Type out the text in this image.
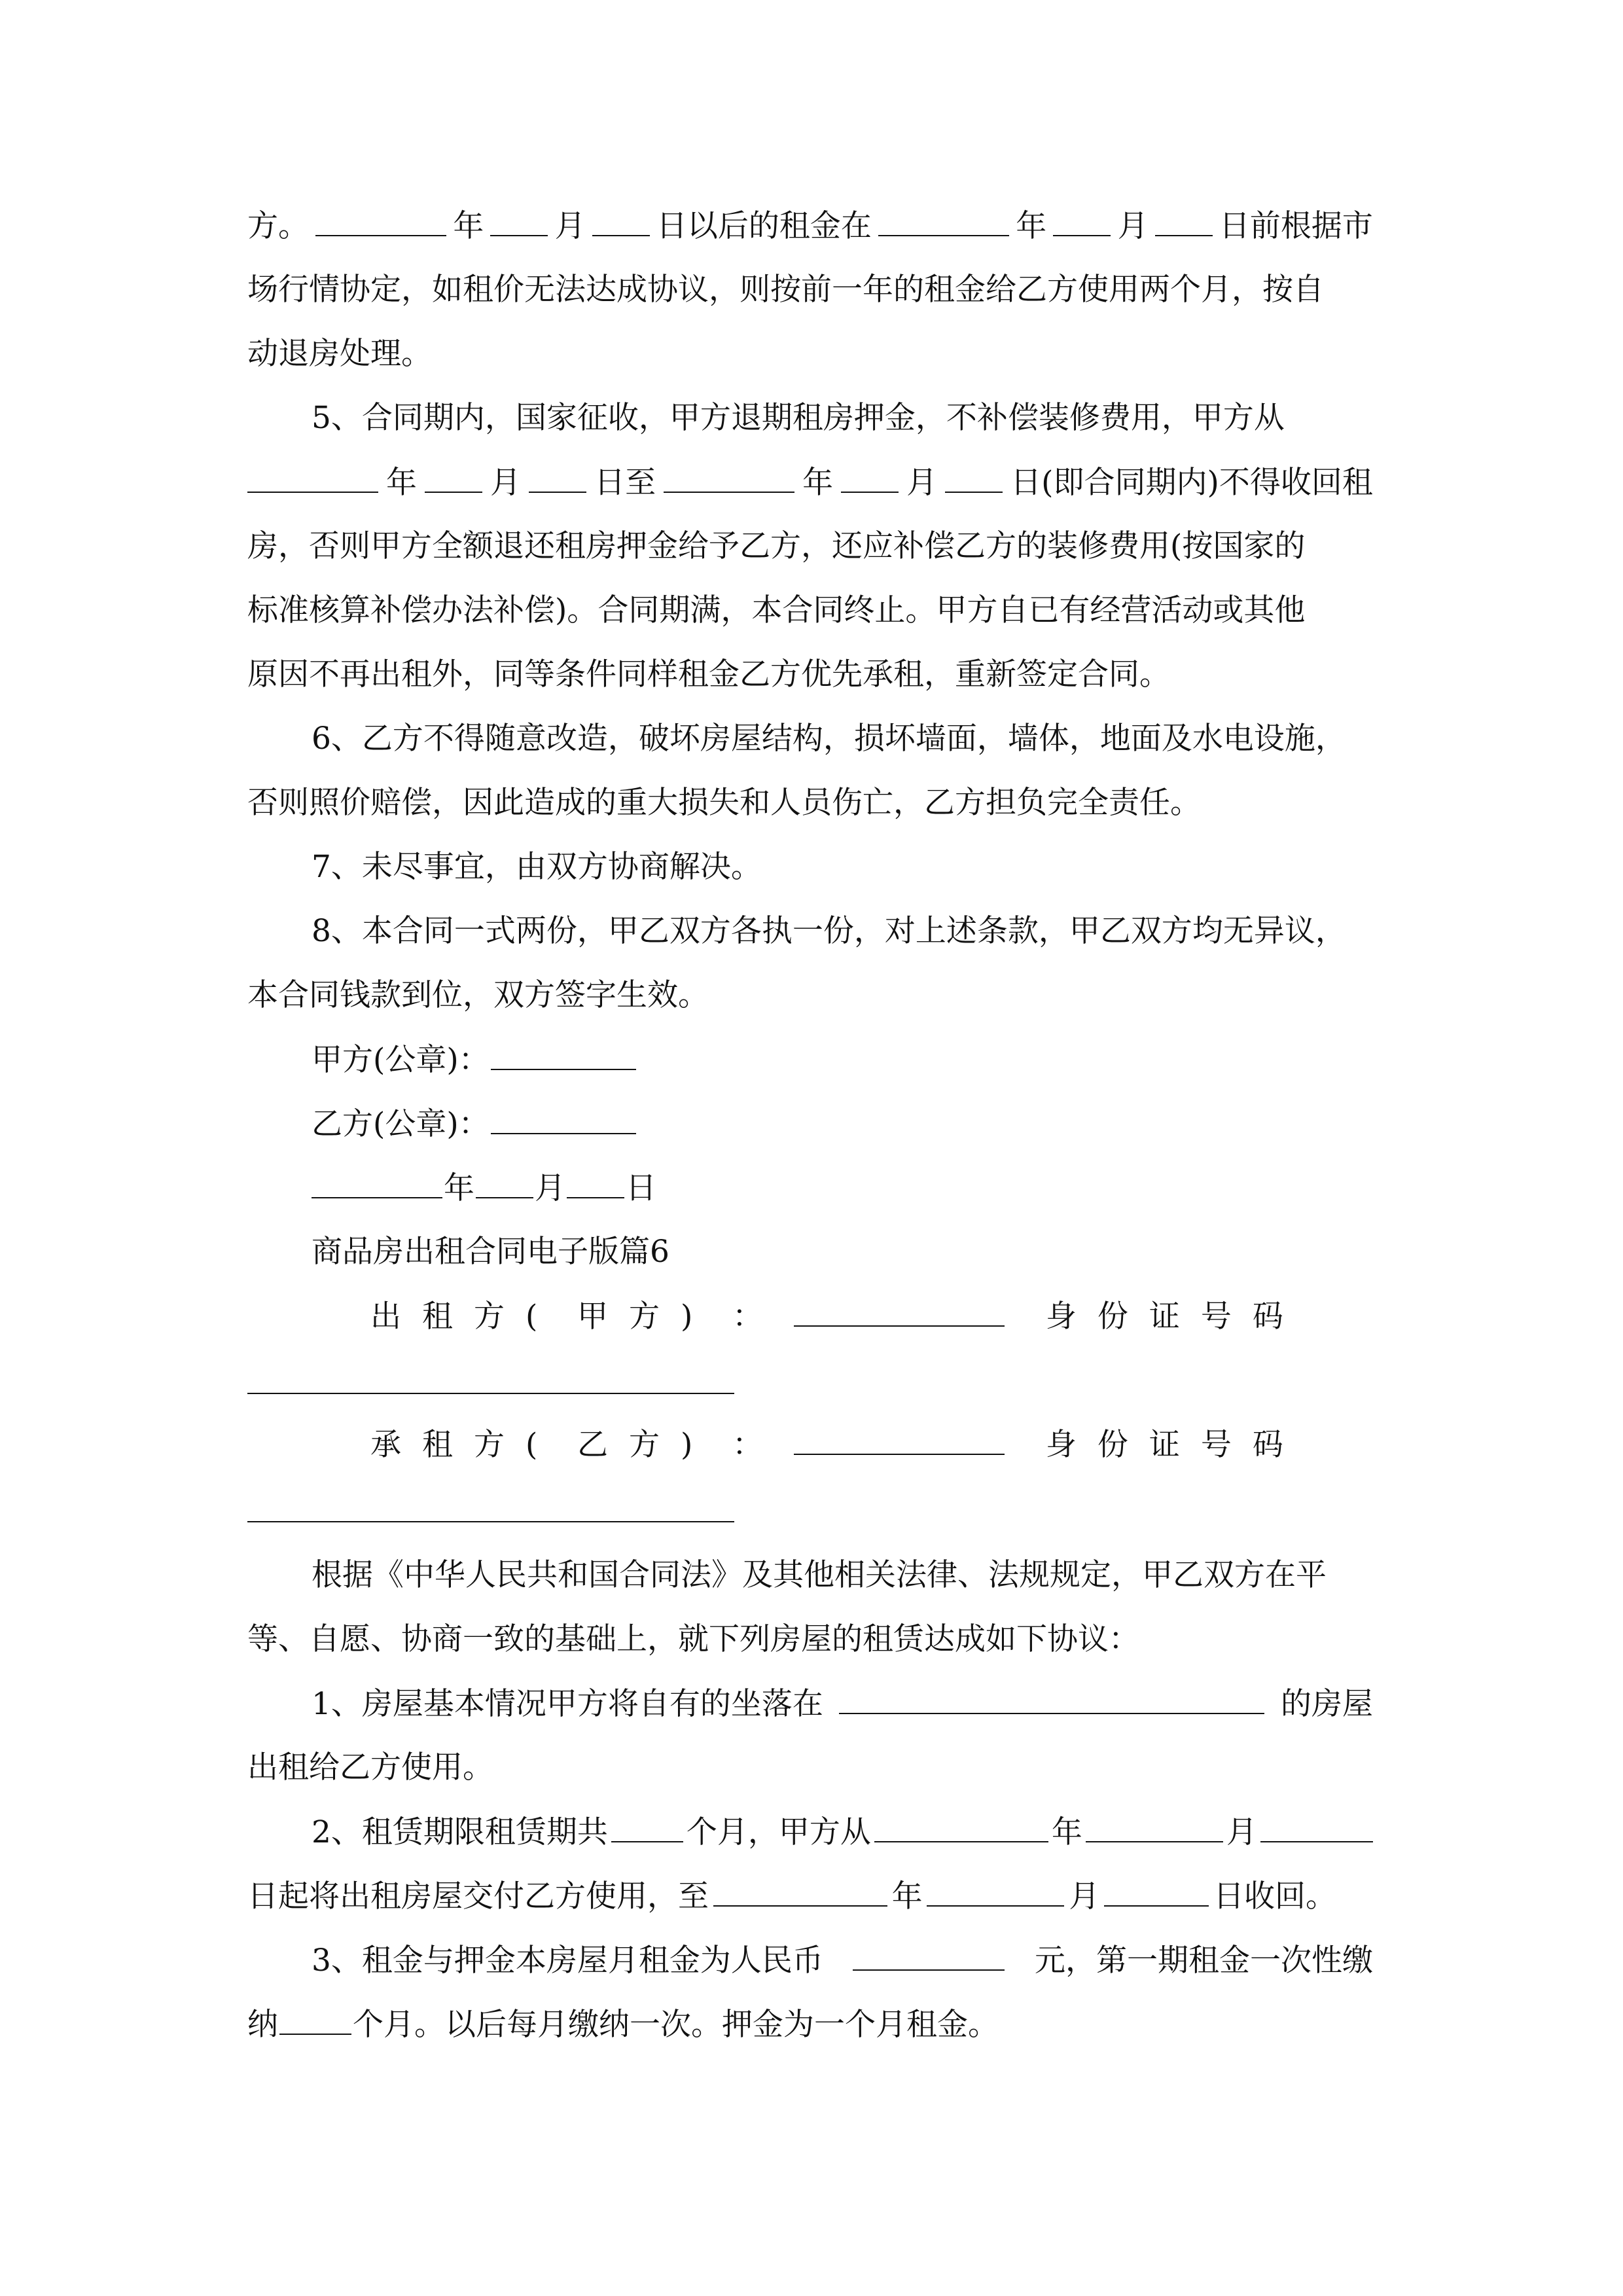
方。	年 月 日以后的租金在	年 月 日前根据市
场行情协定，如租价无法达成协议，则按前一年的租金给乙方使用两个月，按自
动退房处理。
5、合同期内，国家征收，甲方退期租房押金，不补偿装修费用，甲方从
年 月 日至	年 月 日(即合同期内)不得收回租
房，否则甲方全额退还租房押金给予乙方，还应补偿乙方的装修费用(按国家的
标准核算补偿办法补偿)。合同期满，本合同终止。甲方自已有经营活动或其他
原因不再出租外，同等条件同样租金乙方优先承租，重新签定合同。
6、乙方不得随意改造，破坏房屋结构，损坏墙面，墙体，地面及水电设施，
否则照价赔偿，因此造成的重大损失和人员伤亡，乙方担负完全责任。
7、未尽事宜，由双方协商解决。
8、本合同一式两份，甲乙双方各执一份，对上述条款，甲乙双方均无异议，
本合同钱款到位，双方签字生效。
甲方(公章)：
乙方(公章)：
年 月 日
商品房出租合同电子版篇6
出 租 方 (	甲 方 )	：
	身 份 证 号 码
承 租 方 (	乙 方 )	：
	身 份 证 号 码
根据《中华人民共和国合同法》及其他相关法律、法规规定，甲乙双方在平
等、自愿、协商一致的基础上，就下列房屋的租赁达成如下协议：
1、房屋基本情况甲方将自有的坐落在	的房屋
出租给乙方使用。
2、租赁期限租赁期共	个月，甲方从	年	月
日起将出租房屋交付乙方使用，至	年	月	日收回。
3、租金与押金本房屋月租金为人民币	元，第一期租金一次性缴
纳 个月。以后每月缴纳一次。押金为一个月租金。
